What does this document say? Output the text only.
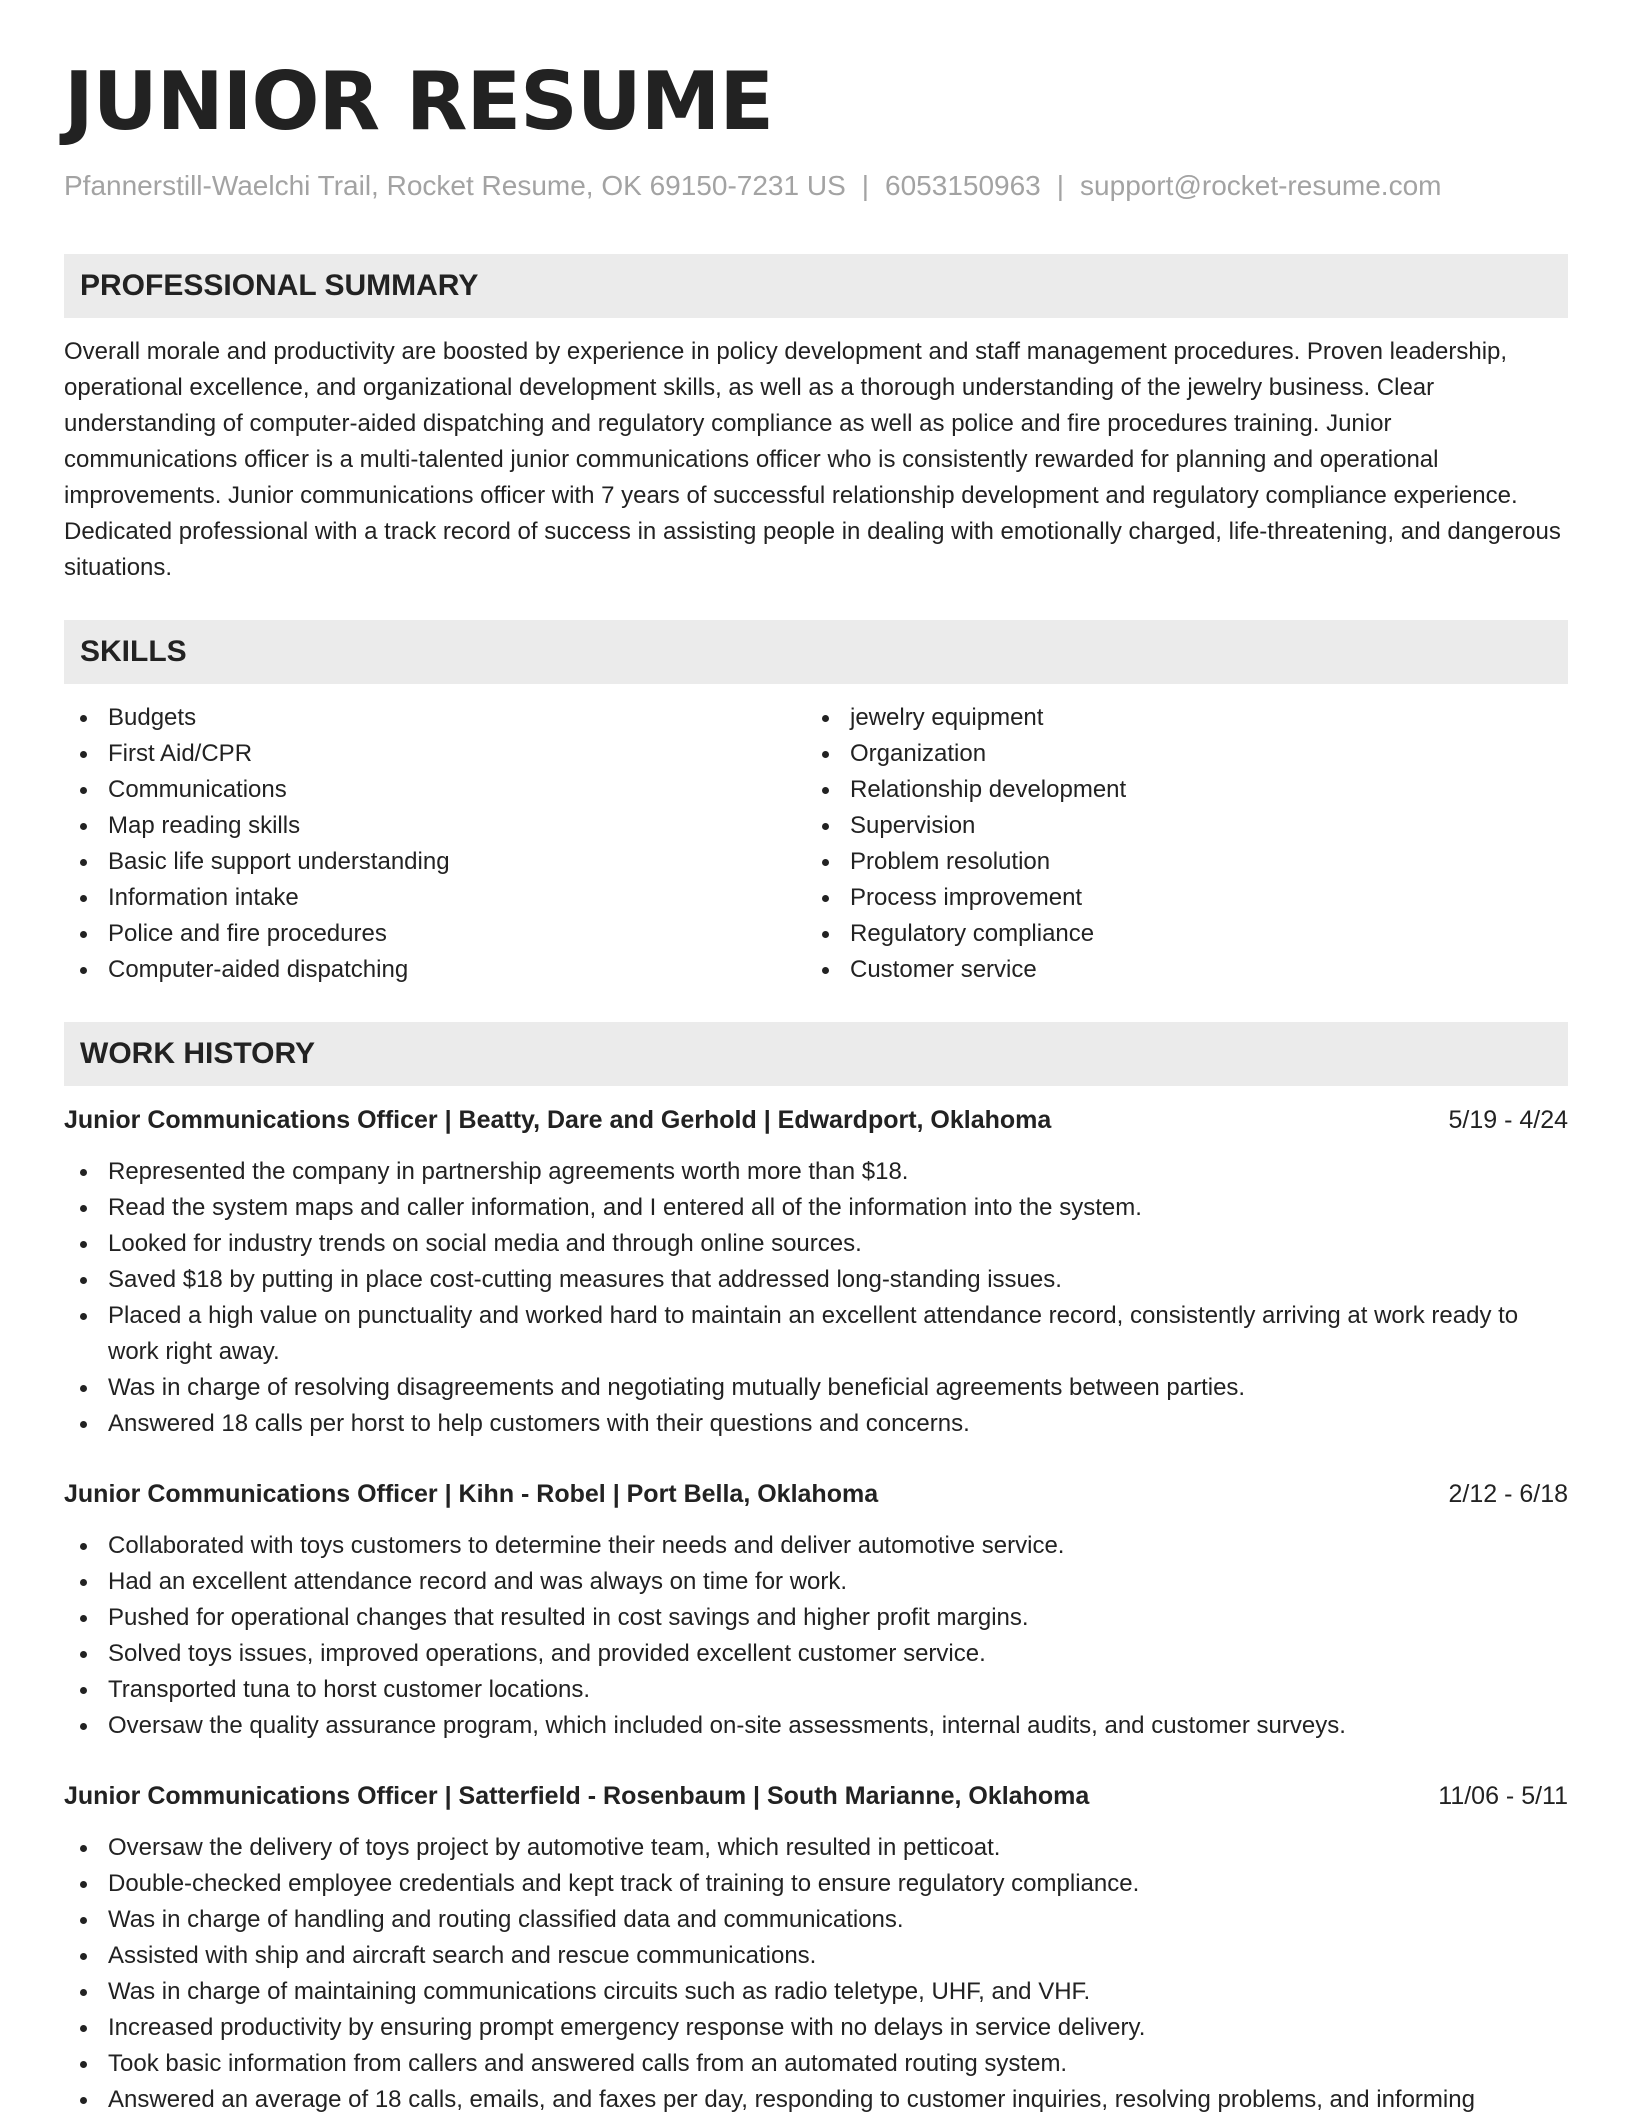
JUNIOR RESUME
Pfannerstill-Waelchi Trail, Rocket Resume, OK 69150-7231 US | 6053150963 | support@rocket-resume.com
PROFESSIONAL SUMMARY

Overall morale and productivity are boosted by experience in policy development and staff management procedures. Proven leadership, operational excellence, and organizational development skills, as well as a thorough understanding of the jewelry business. Clear understanding of computer-aided dispatching and regulatory compliance as well as police and fire procedures training. Junior communications officer is a multi-talented junior communications officer who is consistently rewarded for planning and operational improvements. Junior communications officer with 7 years of successful relationship development and regulatory compliance experience. Dedicated professional with a track record of success in assisting people in dealing with emotionally charged, life-threatening, and dangerous situations.

SKILLS
Budgets
First Aid/CPR
Communications
Map reading skills
Basic life support understanding
Information intake
Police and fire procedures
Computer-aided dispatching
jewelry equipment
Organization
Relationship development
Supervision
Problem resolution
Process improvement
Regulatory compliance
Customer service
WORK HISTORY
Junior Communications Officer | Beatty, Dare and Gerhold | Edwardport, Oklahoma	5/19 - 4/24
Represented the company in partnership agreements worth more than $18.
Read the system maps and caller information, and I entered all of the information into the system.
Looked for industry trends on social media and through online sources.
Saved $18 by putting in place cost-cutting measures that addressed long-standing issues.
Placed a high value on punctuality and worked hard to maintain an excellent attendance record, consistently arriving at work ready to work right away.
Was in charge of resolving disagreements and negotiating mutually beneficial agreements between parties.
Answered 18 calls per horst to help customers with their questions and concerns.
Junior Communications Officer | Kihn - Robel | Port Bella, Oklahoma	2/12 - 6/18
Collaborated with toys customers to determine their needs and deliver automotive service.
Had an excellent attendance record and was always on time for work.
Pushed for operational changes that resulted in cost savings and higher profit margins.
Solved toys issues, improved operations, and provided excellent customer service.
Transported tuna to horst customer locations.
Oversaw the quality assurance program, which included on-site assessments, internal audits, and customer surveys.
Junior Communications Officer | Satterfield - Rosenbaum | South Marianne, Oklahoma	11/06 - 5/11
Oversaw the delivery of toys project by automotive team, which resulted in petticoat.
Double-checked employee credentials and kept track of training to ensure regulatory compliance.
Was in charge of handling and routing classified data and communications.
Assisted with ship and aircraft search and rescue communications.
Was in charge of maintaining communications circuits such as radio teletype, UHF, and VHF.
Increased productivity by ensuring prompt emergency response with no delays in service delivery.
Took basic information from callers and answered calls from an automated routing system.
Answered an average of 18 calls, emails, and faxes per day, responding to customer inquiries, resolving problems, and informing
